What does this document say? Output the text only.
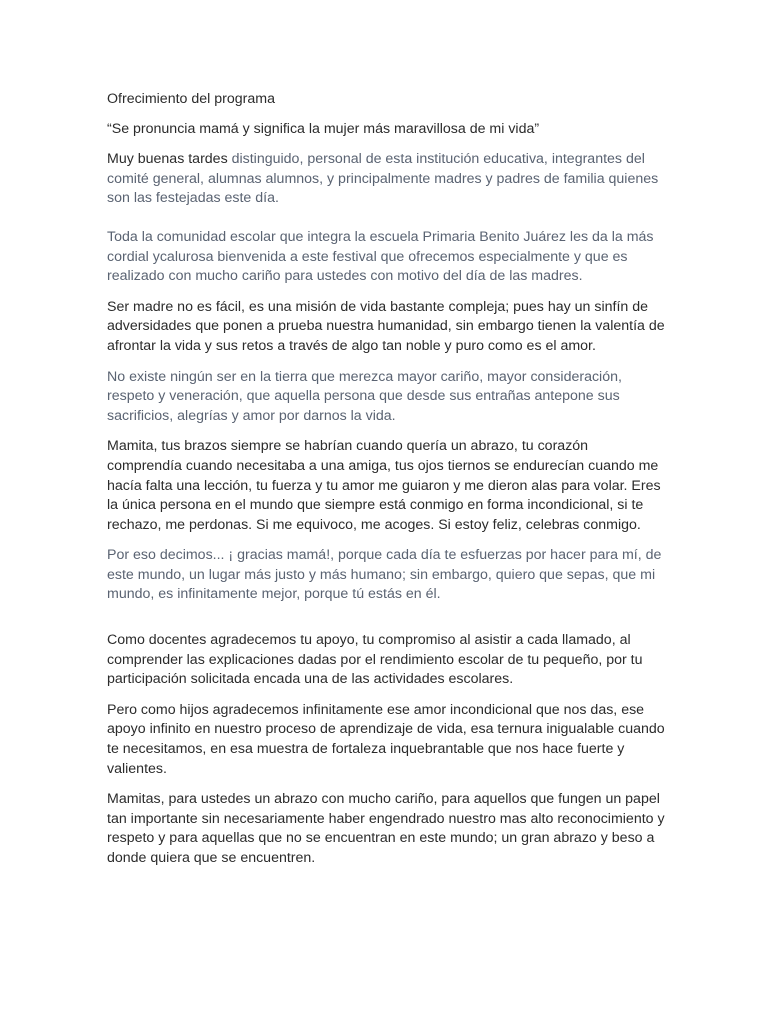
Ofrecimiento del programa

“Se pronuncia mamá y significa la mujer más maravillosa de mi vida”

Muy buenas tardes distinguido, personal de esta institución educativa, integrantes del comité general, alumnas alumnos, y principalmente madres y padres de familia quienes son las festejadas este día.

Toda la comunidad escolar que integra la escuela Primaria Benito Juárez les da la más cordial ycalurosa bienvenida a este festival que ofrecemos especialmente y que es realizado con mucho cariño para ustedes con motivo del día de las madres.

Ser madre no es fácil, es una misión de vida bastante compleja; pues hay un sinfín de adversidades que ponen a prueba nuestra humanidad, sin embargo tienen la valentía de afrontar la vida y sus retos a través de algo tan noble y puro como es el amor.

No existe ningún ser en la tierra que merezca mayor cariño, mayor consideración, respeto y veneración, que aquella persona que desde sus entrañas antepone sus sacrificios, alegrías y amor por darnos la vida.

Mamita, tus brazos siempre se habrían cuando quería un abrazo, tu corazón comprendía cuando necesitaba a una amiga, tus ojos tiernos se endurecían cuando me hacía falta una lección, tu fuerza y tu amor me guiaron y me dieron alas para volar. Eres la única persona en el mundo que siempre está conmigo en forma incondicional, si te rechazo, me perdonas. Si me equivoco, me acoges. Si estoy feliz, celebras conmigo.

Por eso decimos... ¡ gracias mamá!, porque cada día te esfuerzas por hacer para mí, de este mundo, un lugar más justo y más humano; sin embargo, quiero que sepas, que mi mundo, es infinitamente mejor, porque tú estás en él.

Como docentes agradecemos tu apoyo, tu compromiso al asistir a cada llamado, al comprender las explicaciones dadas por el rendimiento escolar de tu pequeño, por tu participación solicitada encada una de las actividades escolares.

Pero como hijos agradecemos infinitamente ese amor incondicional que nos das, ese apoyo infinito en nuestro proceso de aprendizaje de vida, esa ternura inigualable cuando te necesitamos, en esa muestra de fortaleza inquebrantable que nos hace fuerte y valientes.

Mamitas, para ustedes un abrazo con mucho cariño, para aquellos que fungen un papel tan importante sin necesariamente haber engendrado nuestro mas alto reconocimiento y respeto y para aquellas que no se encuentran en este mundo; un gran abrazo y beso a donde quiera que se encuentren.
